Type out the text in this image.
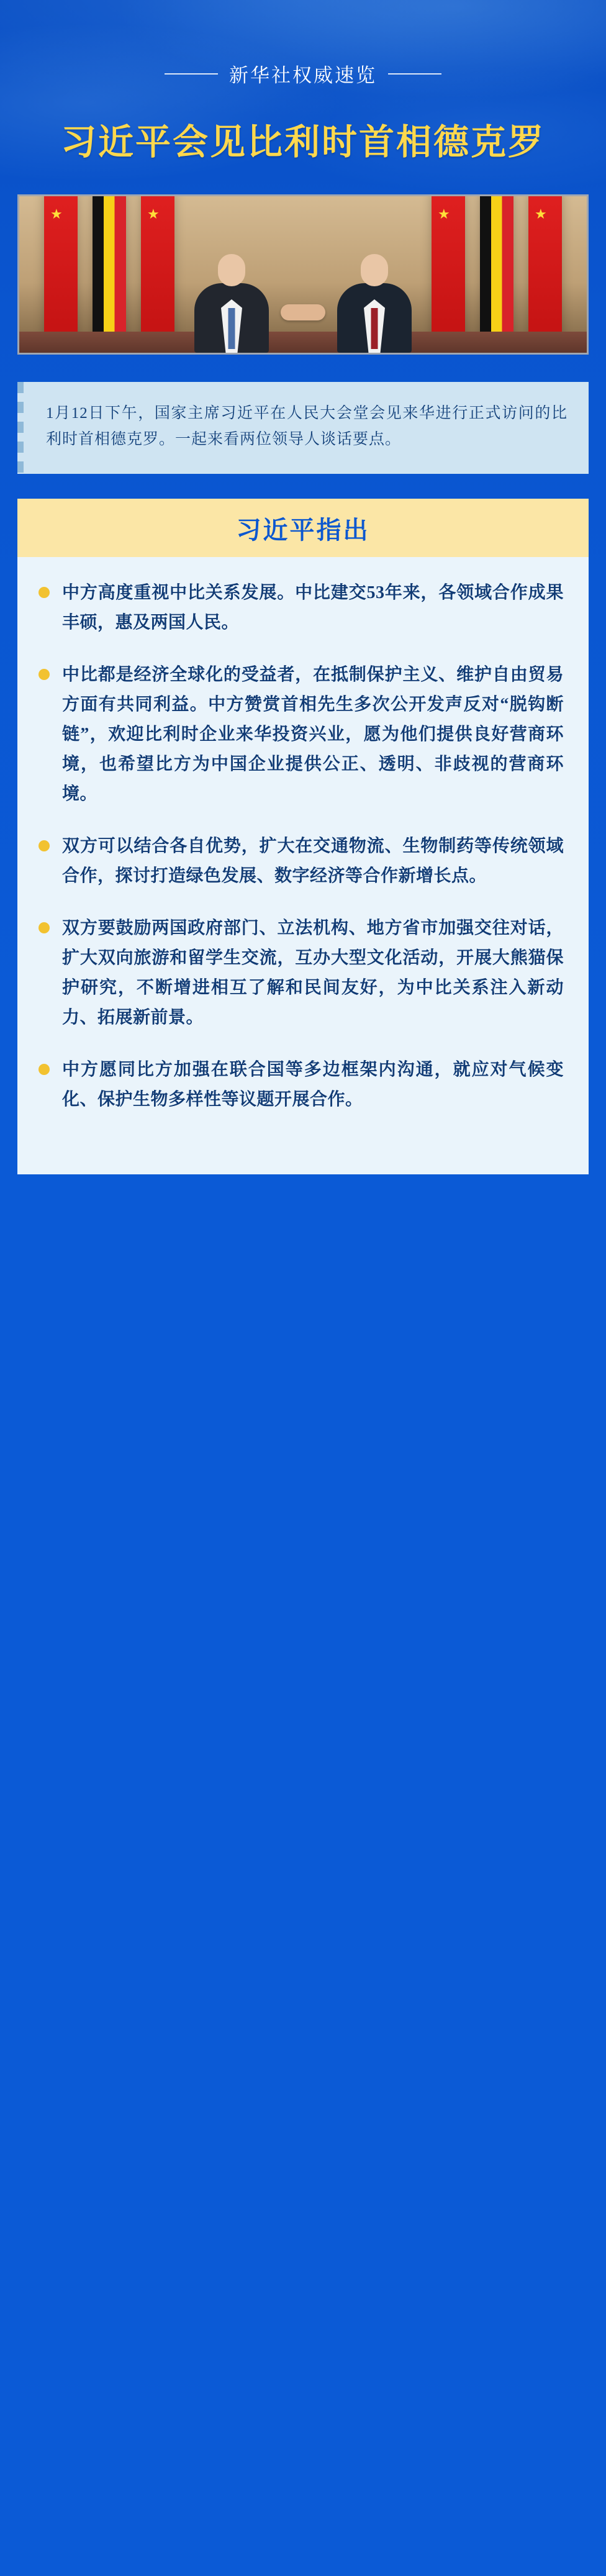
新华社权威速览
习近平会见比利时首相德克罗
★
★
★
★
1月12日下午，国家主席习近平在人民大会堂会见来华进行正式访问的比利时首相德克罗。一起来看两位领导人谈话要点。
习近平指出

中方高度重视中比关系发展。中比建交53年来，各领域合作成果丰硕，惠及两国人民。

中比都是经济全球化的受益者，在抵制保护主义、维护自由贸易方面有共同利益。中方赞赏首相先生多次公开发声反对“脱钩断链”，欢迎比利时企业来华投资兴业，愿为他们提供良好营商环境，也希望比方为中国企业提供公正、透明、非歧视的营商环境。

双方可以结合各自优势，扩大在交通物流、生物制药等传统领域合作，探讨打造绿色发展、数字经济等合作新增长点。

双方要鼓励两国政府部门、立法机构、地方省市加强交往对话，扩大双向旅游和留学生交流，互办大型文化活动，开展大熊猫保护研究，不断增进相互了解和民间友好，为中比关系注入新动力、拓展新前景。

中方愿同比方加强在联合国等多边框架内沟通，就应对气候变化、保护生物多样性等议题开展合作。
